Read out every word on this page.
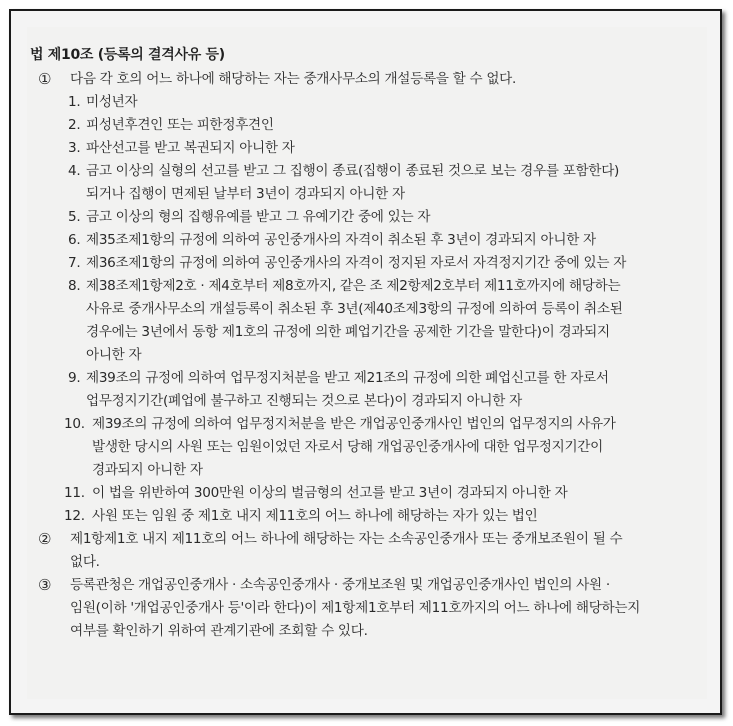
법 제10조 (등록의 결격사유 등)
① 다음 각 호의 어느 하나에 해당하는 자는 중개사무소의 개설등록을 할 수 없다.
1. 미성년자
2. 피성년후견인 또는 피한정후견인
3. 파산선고를 받고 복권되지 아니한 자
4. 금고 이상의 실형의 선고를 받고 그 집행이 종료(집행이 종료된 것으로 보는 경우를 포함한다)
되거나 집행이 면제된 날부터 3년이 경과되지 아니한 자
5. 금고 이상의 형의 집행유예를 받고 그 유예기간 중에 있는 자
6. 제35조제1항의 규정에 의하여 공인중개사의 자격이 취소된 후 3년이 경과되지 아니한 자
7. 제36조제1항의 규정에 의하여 공인중개사의 자격이 정지된 자로서 자격정지기간 중에 있는 자
8. 제38조제1항제2호 · 제4호부터 제8호까지, 같은 조 제2항제2호부터 제11호까지에 해당하는
사유로 중개사무소의 개설등록이 취소된 후 3년(제40조제3항의 규정에 의하여 등록이 취소된
경우에는 3년에서 동항 제1호의 규정에 의한 폐업기간을 공제한 기간을 말한다)이 경과되지
아니한 자
9. 제39조의 규정에 의하여 업무정지처분을 받고 제21조의 규정에 의한 폐업신고를 한 자로서
업무정지기간(폐업에 불구하고 진행되는 것으로 본다)이 경과되지 아니한 자
10. 제39조의 규정에 의하여 업무정지처분을 받은 개업공인중개사인 법인의 업무정지의 사유가
발생한 당시의 사원 또는 임원이었던 자로서 당해 개업공인중개사에 대한 업무정지기간이
경과되지 아니한 자
11. 이 법을 위반하여 300만원 이상의 벌금형의 선고를 받고 3년이 경과되지 아니한 자
12. 사원 또는 임원 중 제1호 내지 제11호의 어느 하나에 해당하는 자가 있는 법인
② 제1항제1호 내지 제11호의 어느 하나에 해당하는 자는 소속공인중개사 또는 중개보조원이 될 수
없다.
③ 등록관청은 개업공인중개사 · 소속공인중개사 · 중개보조원 및 개업공인중개사인 법인의 사원 ·
임원(이하 '개업공인중개사 등'이라 한다)이 제1항제1호부터 제11호까지의 어느 하나에 해당하는지
여부를 확인하기 위하여 관계기관에 조회할 수 있다.
